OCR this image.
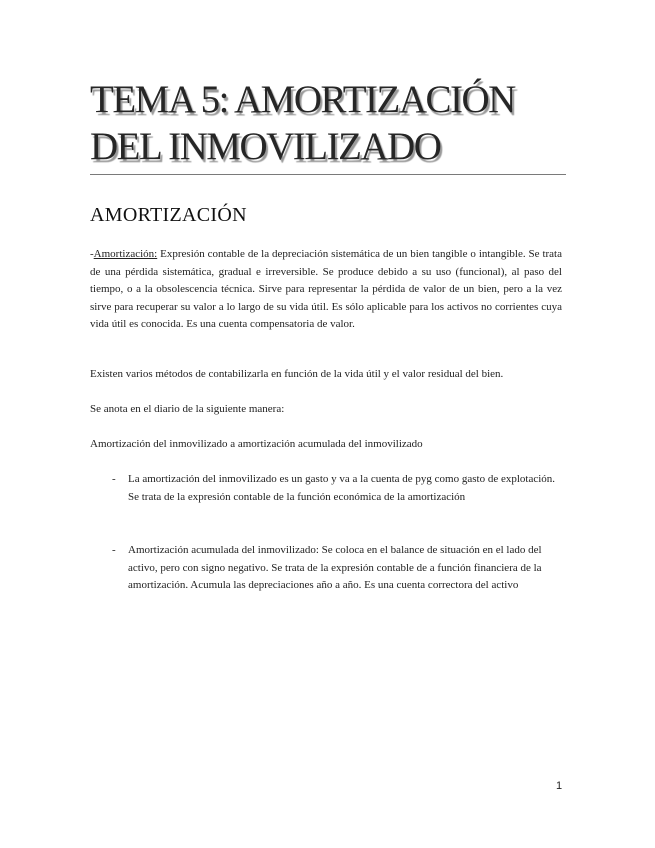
TEMA 5: AMORTIZACIÓN
DEL INMOVILIZADO
AMORTIZACIÓN

-Amortización: Expresión contable de la depreciación sistemática de un bien tangible o intangible. Se trata de una pérdida sistemática, gradual e irreversible. Se produce debido a su uso (funcional), al paso del tiempo, o a la obsolescencia técnica. Sirve para representar la pérdida de valor de un bien, pero a la vez sirve para recuperar su valor a lo largo de su vida útil. Es sólo aplicable para los activos no corrientes cuya vida útil es conocida. Es una cuenta compensatoria de valor.

Existen varios métodos de contabilizarla en función de la vida útil y el valor residual del bien.

Se anota en el diario de la siguiente manera:

Amortización del inmovilizado a amortización acumulada del inmovilizado

- La amortización del inmovilizado es un gasto y va a la cuenta de pyg como gasto de explotación. Se trata de la expresión contable de la función económica de la amortización
- Amortización acumulada del inmovilizado: Se coloca en el balance de situación en el lado del activo, pero con signo negativo. Se trata de la expresión contable de a función financiera de la amortización. Acumula las depreciaciones año a año. Es una cuenta correctora del activo
1
